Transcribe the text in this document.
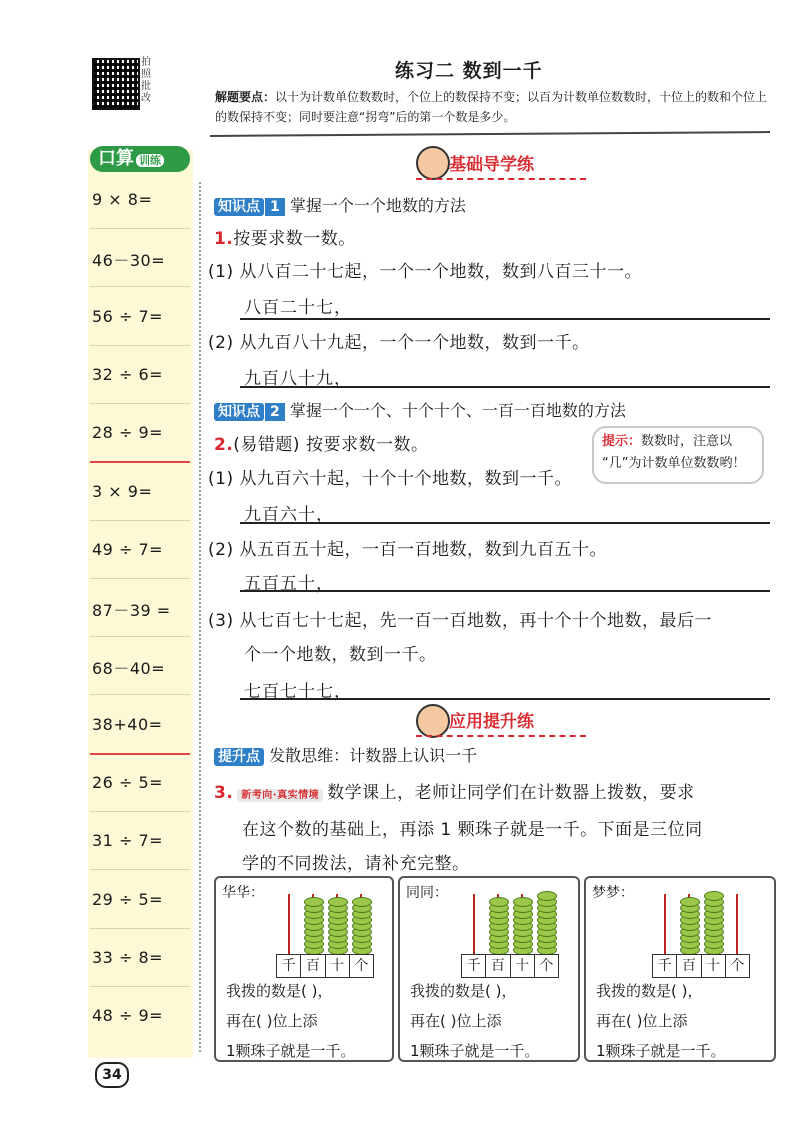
拍照批改
练习二 数到一千
解题要点：以十为计数单位数数时，个位上的数保持不变；以百为计数单位数数时，十位上的数和个位上的数保持不变；同时要注意“拐弯”后的第一个数是多少。
口算 训练
9 × 8=
46－30=
56 ÷ 7=
32 ÷ 6=
28 ÷ 9=
3 × 9=
49 ÷ 7=
87－39 =
68－40=
38+40=
26 ÷ 5=
31 ÷ 7=
29 ÷ 5=
33 ÷ 8=
48 ÷ 9=
基础导学练
知识点 1 掌握一个一个地数的方法
1.按要求数一数。
(1) 从八百二十七起，一个一个地数，数到八百三十一。
八百二十七，
(2) 从九百八十九起，一个一个地数，数到一千。
九百八十九，
知识点 2 掌握一个一个、十个十个、一百一百地数的方法
2.(易错题) 按要求数一数。	提示：数数时，注意以
“几”为计数单位数数哟！
(1) 从九百六十起，十个十个地数，数到一千。
九百六十，
(2) 从五百五十起，一百一百地数，数到九百五十。
五百五十，
(3) 从七百七十七起，先一百一百地数，再十个十个地数，最后一
个一个地数，数到一千。
七百七十七，
应用提升练
提升点 发散思维：计数器上认识一千
3. 新考向·真实情境 数学课上，老师让同学们在计数器上拨数，要求
在这个数的基础上，再添 1 颗珠子就是一千。下面是三位同
学的不同拨法，请补充完整。
华华：
千 百 十 个
我拨的数是( )，
再在( )位上添
1颗珠子就是一千。
同同：
千 百 十 个
我拨的数是( )，
再在( )位上添
1颗珠子就是一千。
梦梦：
千 百 十 个
我拨的数是( )，
再在( )位上添
1颗珠子就是一千。
34
